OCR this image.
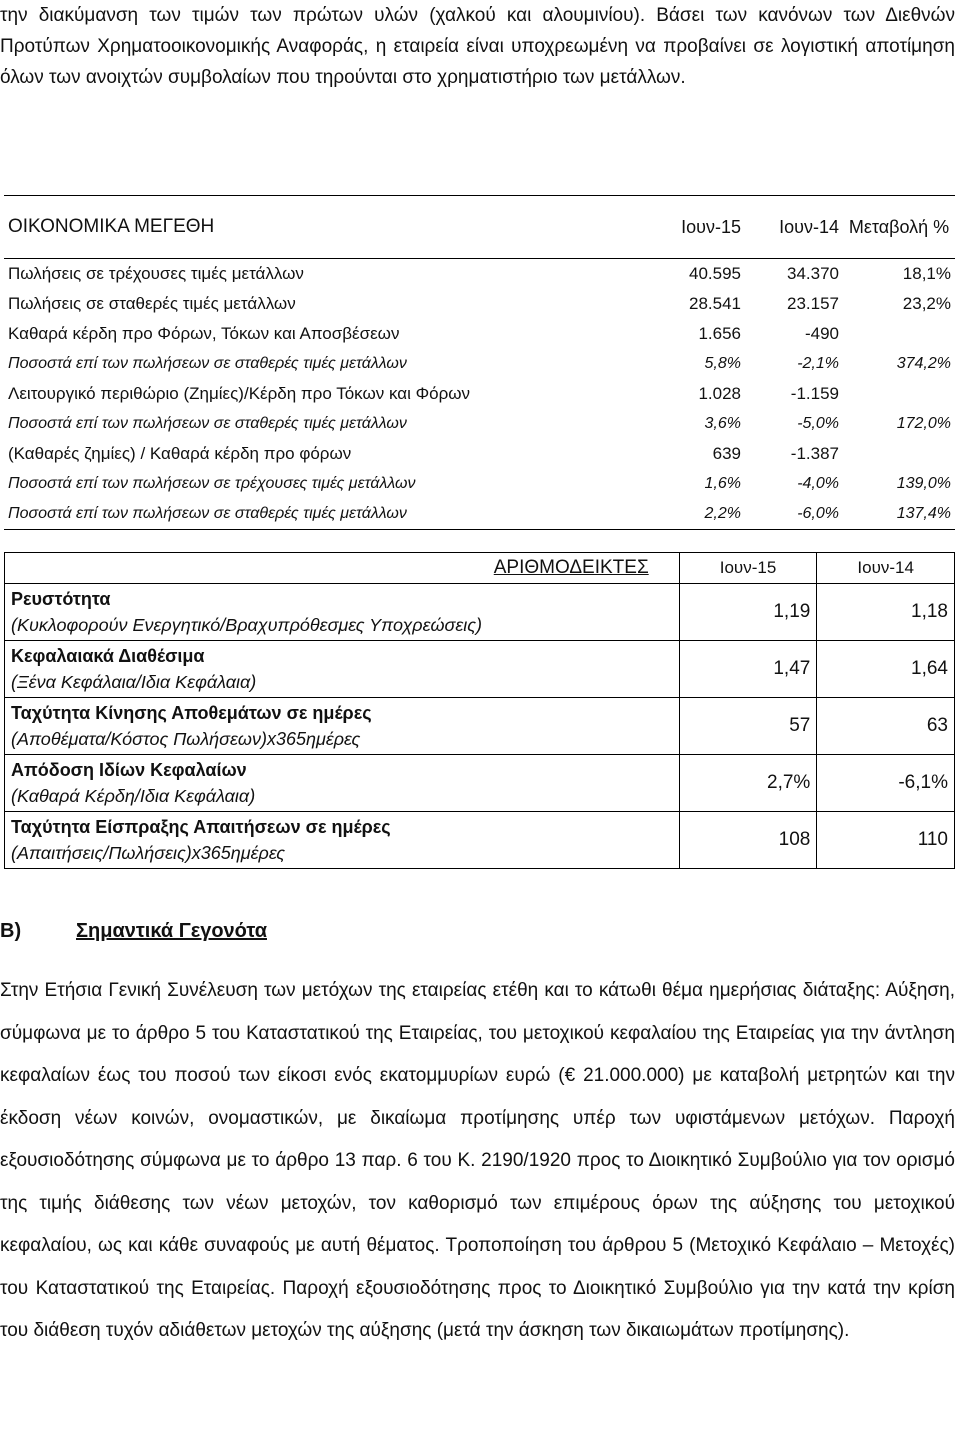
την διακύμανση των τιμών των πρώτων υλών (χαλκού και αλουμινίου). Βάσει των κανόνων των Διεθνών Προτύπων Χρηματοοικονομικής Αναφοράς, η εταιρεία είναι υποχρεωμένη να προβαίνει σε λογιστική αποτίμηση όλων των ανοιχτών συμβολαίων που τηρούνται στο χρηματιστήριο των μετάλλων.

ΟΙΚΟΝΟΜΙΚΑ ΜΕΓΕΘΗ	Ιουν-15	Ιουν-14	Μεταβολή %
Πωλήσεις σε τρέχουσες τιμές μετάλλων	40.595	34.370	18,1%
Πωλήσεις σε σταθερές τιμές μετάλλων	28.541	23.157	23,2%
Καθαρά κέρδη προ Φόρων, Τόκων και Αποσβέσεων	1.656	-490	
Ποσοστά επί των πωλήσεων σε σταθερές τιμές μετάλλων	5,8%	-2,1%	374,2%
Λειτουργικό περιθώριο (Ζημίες)/Κέρδη προ Τόκων και Φόρων	1.028	-1.159	
Ποσοστά επί των πωλήσεων σε σταθερές τιμές μετάλλων	3,6%	-5,0%	172,0%
(Καθαρές ζημίες) / Καθαρά κέρδη προ φόρων	639	-1.387	
Ποσοστά επί των πωλήσεων σε τρέχουσες τιμές μετάλλων	1,6%	-4,0%	139,0%
Ποσοστά επί των πωλήσεων σε σταθερές τιμές μετάλλων	2,2%	-6,0%	137,4%
ΑΡΙΘΜΟΔΕΙΚΤΕΣ	Ιουν-15	Ιουν-14

Ρευστότητα
(Κυκλοφορούν Ενεργητικό/Βραχυπρόθεσμες Υποχρεώσεις)	1,19	1,18

Κεφαλαιακά Διαθέσιμα
(Ξένα Κεφάλαια/Ιδια Κεφάλαια)	1,47	1,64

Ταχύτητα Κίνησης Αποθεμάτων σε ημέρες
(Αποθέματα/Κόστος Πωλήσεων)x365ημέρες	57	63

Απόδοση Ιδίων Κεφαλαίων
(Καθαρά Κέρδη/Ιδια Κεφάλαια)	2,7%	-6,1%

Ταχύτητα Είσπραξης Απαιτήσεων σε ημέρες
(Απαιτήσεις/Πωλήσεις)x365ημέρες	108	110
B)	Σημαντικά Γεγονότα

Στην Ετήσια Γενική Συνέλευση των μετόχων της εταιρείας ετέθη και το κάτωθι θέμα ημερήσιας διάταξης: Αύξηση, σύμφωνα με το άρθρο 5 του Καταστατικού της Εταιρείας, του μετοχικού κεφαλαίου της Εταιρείας για την άντληση κεφαλαίων έως του ποσού των είκοσι ενός εκατομμυρίων ευρώ (€ 21.000.000) με καταβολή μετρητών και την έκδοση νέων κοινών, ονομαστικών, με δικαίωμα προτίμησης υπέρ των υφιστάμενων μετόχων. Παροχή εξουσιοδότησης σύμφωνα με το άρθρο 13 παρ. 6 του Κ. 2190/1920 προς το Διοικητικό Συμβούλιο για τον ορισμό της τιμής διάθεσης των νέων μετοχών, τον καθορισμό των επιμέρους όρων της αύξησης του μετοχικού κεφαλαίου, ως και κάθε συναφούς με αυτή θέματος. Τροποποίηση του άρθρου 5 (Μετοχικό Κεφάλαιο – Μετοχές) του Καταστατικού της Εταιρείας. Παροχή εξουσιοδότησης προς το Διοικητικό Συμβούλιο για την κατά την κρίση του διάθεση τυχόν αδιάθετων μετοχών της αύξησης (μετά την άσκηση των δικαιωμάτων προτίμησης).
